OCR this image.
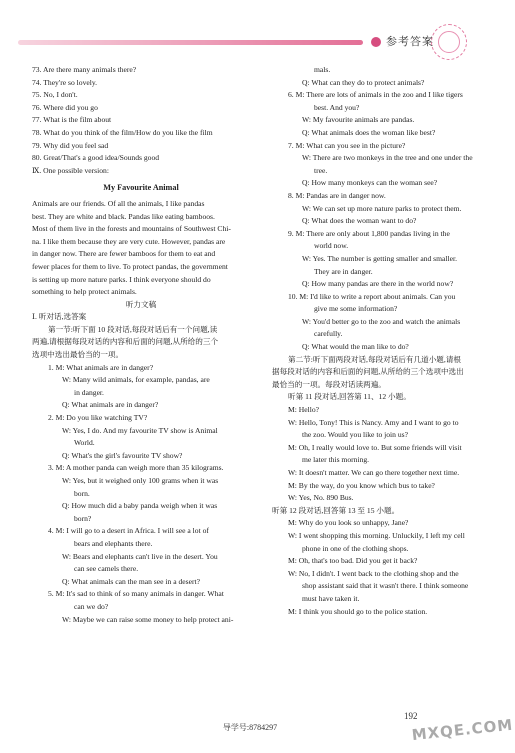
参考答案
73. Are there many animals there?
74. They're so lovely.
75. No, I don't.
76. Where did you go
77. What is the film about
78. What do you think of the film/How do you like the film
79. Why did you feel sad
80. Great/That's a good idea/Sounds good
Ⅸ. One possible version:
My Favourite Animal
Animals are our friends. Of all the animals, I like pandas
best. They are white and black. Pandas like eating bamboos.
Most of them live in the forests and mountains of Southwest Chi-
na. I like them because they are very cute. However, pandas are
in danger now. There are fewer bamboos for them to eat and
fewer places for them to live. To protect pandas, the government
is setting up more nature parks. I think everyone should do
something to help protect animals.
听力文稿
Ⅰ. 听对话,选答案
第一节:听下面 10 段对话,每段对话后有一个问题,读
两遍,请根据每段对话的内容和后面的问题,从所给的三个
选项中选出最恰当的一项。
1. M: What animals are in danger?
W: Many wild animals, for example, pandas, are
in danger.
Q: What animals are in danger?
2. M: Do you like watching TV?
W: Yes, I do. And my favourite TV show is Animal
World.
Q: What's the girl's favourite TV show?
3. M: A mother panda can weigh more than 35 kilograms.
W: Yes, but it weighed only 100 grams when it was
born.
Q: How much did a baby panda weigh when it was
born?
4. M: I will go to a desert in Africa. I will see a lot of
bears and elephants there.
W: Bears and elephants can't live in the desert. You
can see camels there.
Q: What animals can the man see in a desert?
5. M: It's sad to think of so many animals in danger. What
can we do?
W: Maybe we can raise some money to help protect ani-
mals.
Q: What can they do to protect animals?
6. M: There are lots of animals in the zoo and I like tigers
best. And you?
W: My favourite animals are pandas.
Q: What animals does the woman like best?
7. M: What can you see in the picture?
W: There are two monkeys in the tree and one under the
tree.
Q: How many monkeys can the woman see?
8. M: Pandas are in danger now.
W: We can set up more nature parks to protect them.
Q: What does the woman want to do?
9. M: There are only about 1,800 pandas living in the
world now.
W: Yes. The number is getting smaller and smaller.
They are in danger.
Q: How many pandas are there in the world now?
10. M: I'd like to write a report about animals. Can you
give me some information?
W: You'd better go to the zoo and watch the animals
carefully.
Q: What would the man like to do?
第二节:听下面两段对话,每段对话后有几道小题,请根
据每段对话的内容和后面的问题,从所给的三个选项中选出
最恰当的一项。每段对话读两遍。
听第 11 段对话,回答第 11、12 小题。
M: Hello?
W: Hello, Tony! This is Nancy. Amy and I want to go to
the zoo. Would you like to join us?
M: Oh, I really would love to. But some friends will visit
me later this morning.
W: It doesn't matter. We can go there together next time.
M: By the way, do you know which bus to take?
W: Yes, No. 890 Bus.
听第 12 段对话,回答第 13 至 15 小题。
M: Why do you look so unhappy, Jane?
W: I went shopping this morning. Unluckily, I left my cell
phone in one of the clothing shops.
M: Oh, that's too bad. Did you get it back?
W: No, I didn't. I went back to the clothing shop and the
shop assistant said that it wasn't there. I think someone
must have taken it.
M: I think you should go to the police station.
192
导学号:8784297	MXQE.COM
